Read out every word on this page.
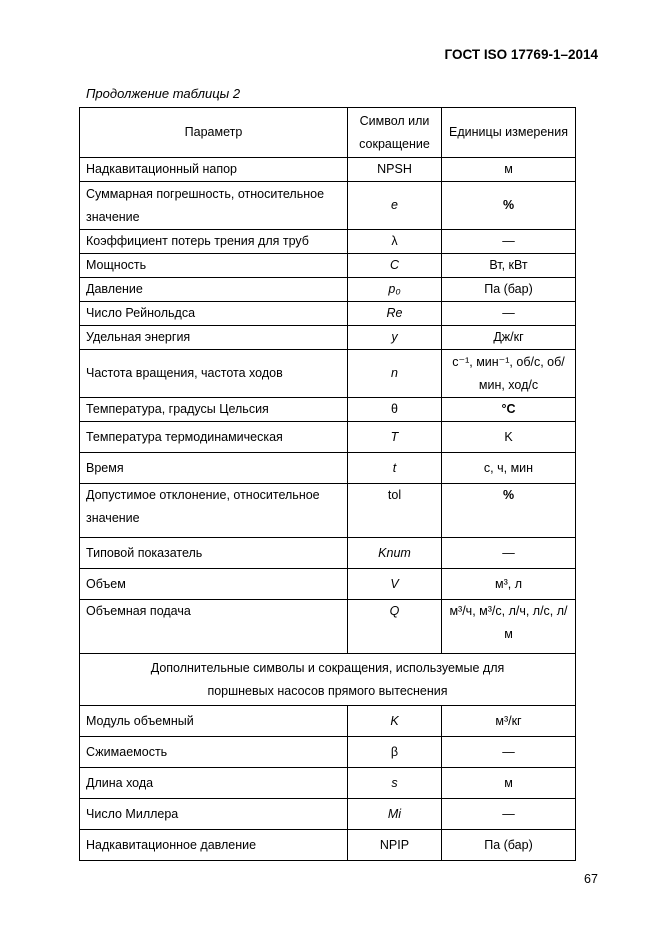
ГОСТ ISO 17769-1–2014
Продолжение таблицы 2
Параметр	Символ или сокращение	Единицы измерения
Надкавитационный напор	NPSH	м
Суммарная погрешность, относительное значение	e	%
Коэффициент потерь трения для труб	λ	—
Мощность	C	Вт, кВт
Давление	p₀	Па (бар)
Число Рейнольдса	Re	—
Удельная энергия	y	Дж/кг
Частота вращения, частота ходов	n	c⁻¹, мин⁻¹, об/с, об/мин, ход/с
Температура, градусы Цельсия	θ	°C
Температура термодинамическая	T	K
Время	t	с, ч, мин
Допустимое отклонение, относительное значение	tol	%
Типовой показатель	Knum	—
Объем	V	м³, л
Объемная подача	Q	м³/ч, м³/с, л/ч, л/с, л/м
Дополнительные символы и сокращения, используемые для поршневых насосов прямого вытеснения		
Модуль объемный	K	м³/кг
Сжимаемость	β	—
Длина хода	s	м
Число Миллера	Mi	—
Надкавитационное давление	NPIP	Па (бар)
67
